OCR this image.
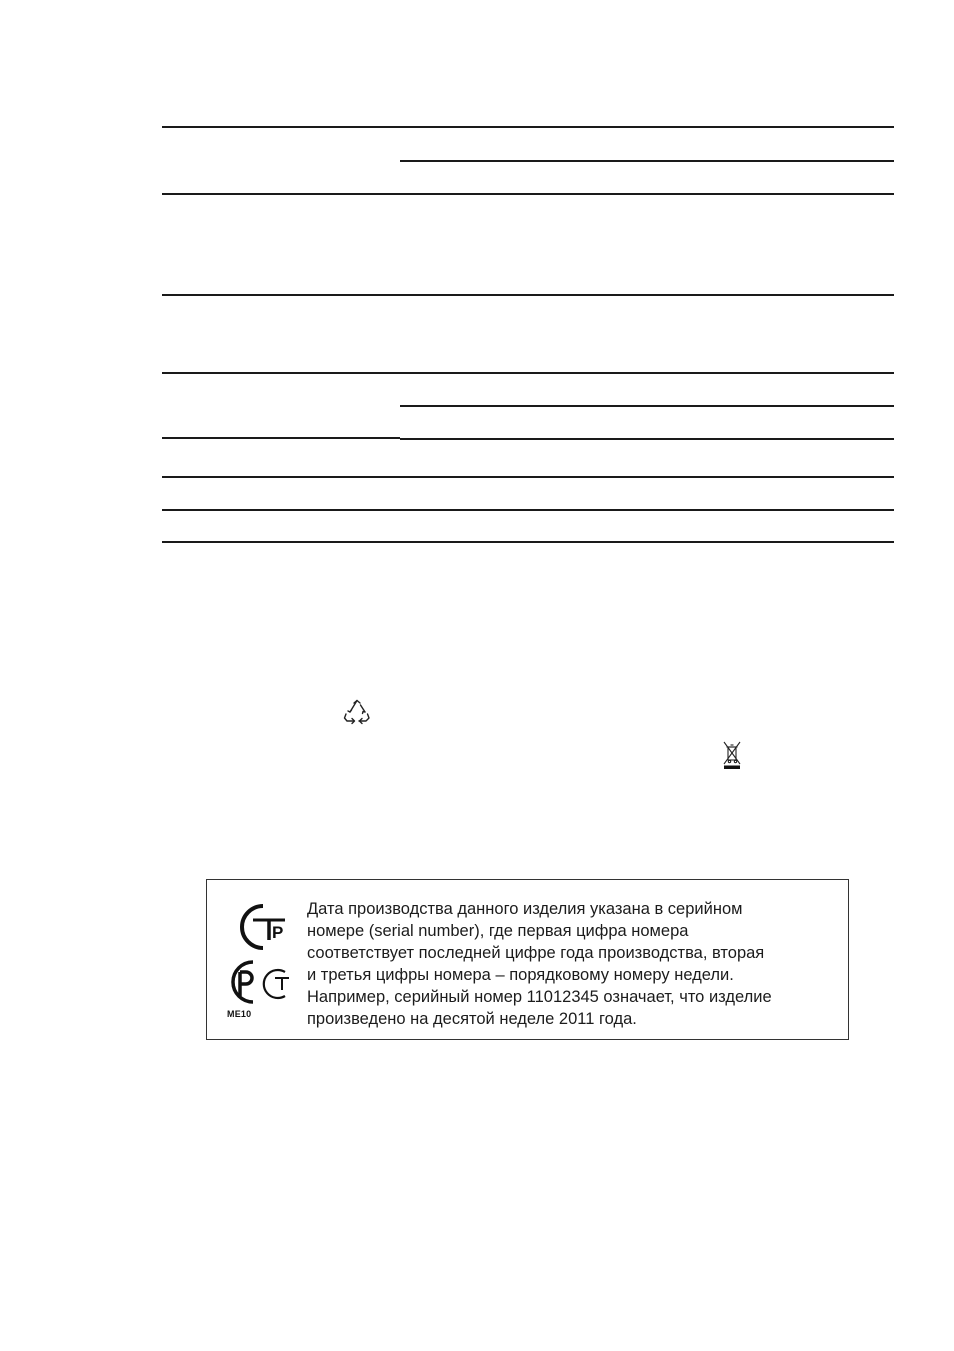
P
ME10

Дата производства данного изделия указана в серийном
номере (serial number), где первая цифра номера
соответствует последней цифре года производства, вторая
и третья цифры номера – порядковому номеру недели.
Например, серийный номер 11012345 означает, что изделие
произведено на десятой неделе 2011 года.
